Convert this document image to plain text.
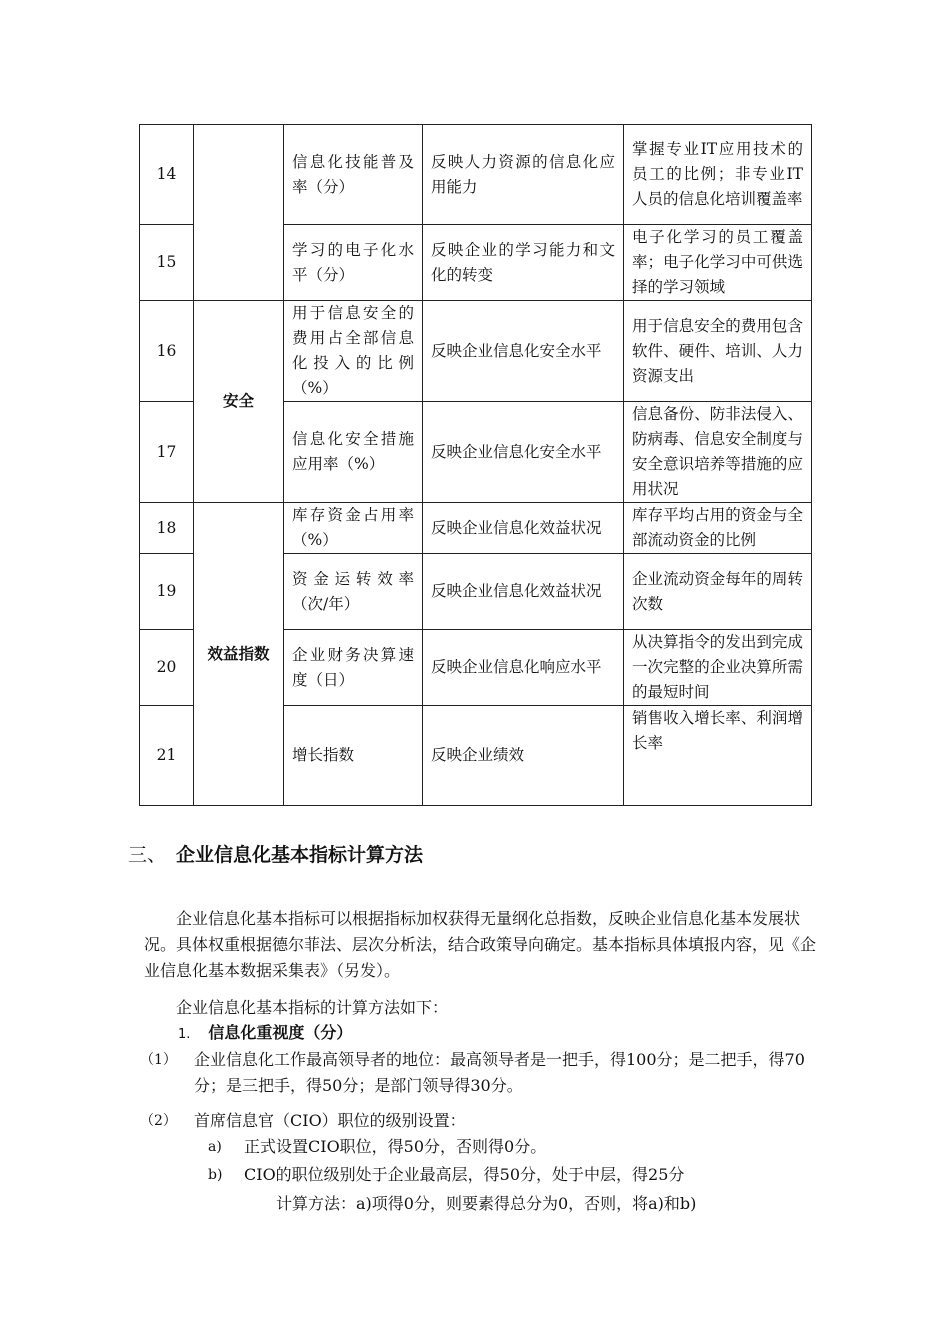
14		信息化技能普及率（分）	反映人力资源的信息化应用能力	掌握专业IT应用技术的员工的比例；非专业IT人员的信息化培训覆盖率
15		学习的电子化水平（分）	反映企业的学习能力和文化的转变	电子化学习的员工覆盖率；电子化学习中可供选择的学习领域
16	安全	用于信息安全的费用占全部信息化投入的比例（%）	反映企业信息化安全水平	用于信息安全的费用包含软件、硬件、培训、人力资源支出
17		信息化安全措施应用率（%）	反映企业信息化安全水平	信息备份、防非法侵入、防病毒、信息安全制度与安全意识培养等措施的应用状况
18	效益指数	库存资金占用率（%）	反映企业信息化效益状况	库存平均占用的资金与全部流动资金的比例
19		资金运转效率（次/年）	反映企业信息化效益状况	企业流动资金每年的周转次数
20		企业财务决算速度（日）	反映企业信息化响应水平	从决算指令的发出到完成一次完整的企业决算所需的最短时间
21		增长指数	反映企业绩效	销售收入增长率、利润增长率
三、 企业信息化基本指标计算方法

企业信息化基本指标可以根据指标加权获得无量纲化总指数，反映企业信息化基本发展状况。具体权重根据德尔菲法、层次分析法，结合政策导向确定。基本指标具体填报内容，见《企业信息化基本数据采集表》（另发）。

企业信息化基本指标的计算方法如下：

1. 信息化重视度（分）
（1） 企业信息化工作最高领导者的地位：最高领导者是一把手，得100分；是二把手，得70分；是三把手，得50分；是部门领导得30分。
（2） 首席信息官（CIO）职位的级别设置：
a) 正式设置CIO职位，得50分，否则得0分。
b) CIO的职位级别处于企业最高层，得50分，处于中层，得25分

计算方法：a)项得0分，则要素得总分为0，否则，将a)和b)
